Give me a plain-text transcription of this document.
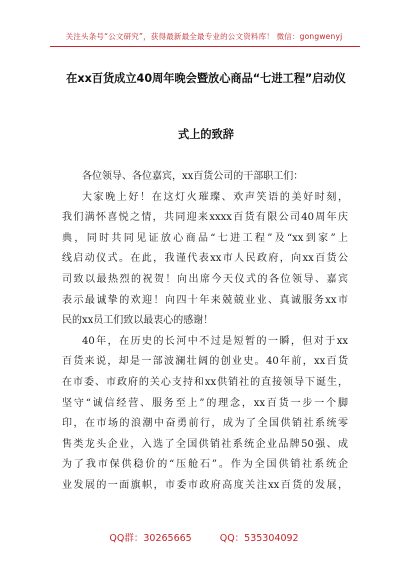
关注头条号“公文研究”，获得最新最全最专业的公文资料库！ 微信：gongwenyj
在xx百货成立40周年晚会暨放心商品“七进工程”启动仪
式上的致辞
各位领导、各位嘉宾，xx百货公司的干部职工们：
大家晚上好！在这灯火璀璨、欢声笑语的美好时刻，
我们满怀喜悦之情，共同迎来xxxx百货有限公司40周年庆
典，同时共同见证放心商品“七进工程”及“xx到家”上
线启动仪式。在此，我谨代表xx市人民政府，向xx百货公
司致以最热烈的祝贺！向出席今天仪式的各位领导、嘉宾
表示最诚挚的欢迎！向四十年来兢兢业业、真诚服务xx市
民的xx员工们致以最衷心的感谢！
40年，在历史的长河中不过是短暂的一瞬，但对于xx
百货来说，却是一部波澜壮阔的创业史。40年前，xx百货
在市委、市政府的关心支持和xx供销社的直接领导下诞生，
坚守“诚信经营、服务至上”的理念，xx百货一步一个脚
印，在市场的浪潮中奋勇前行，成为了全国供销社系统零
售类龙头企业，入选了全国供销社系统企业品牌50强、成
为了我市保供稳价的“压舱石”。作为全国供销社系统企
业发展的一面旗帜，市委市政府高度关注xx百货的发展，
QQ群：30265665	QQ：535304092
